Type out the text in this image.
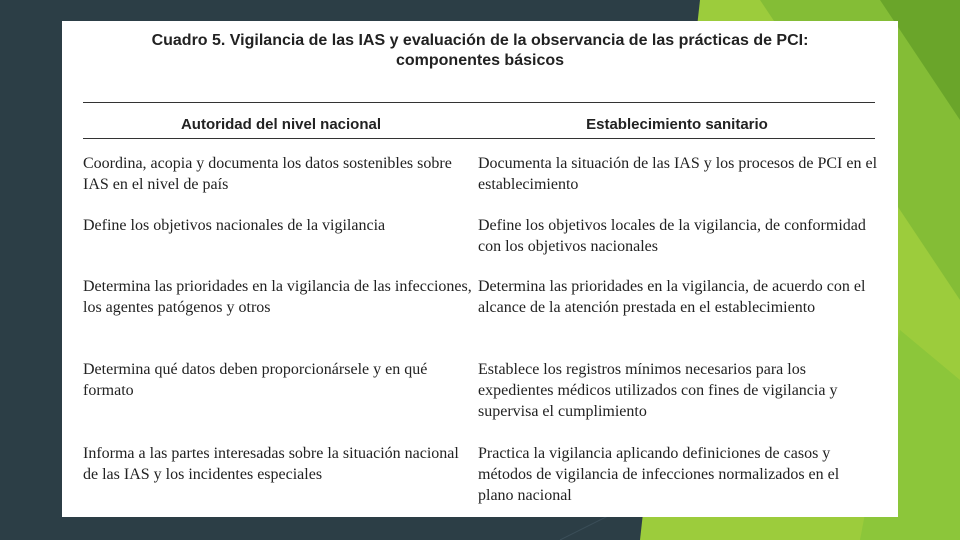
Cuadro 5. Vigilancia de las IAS y evaluación de la observancia de las prácticas de PCI:
componentes básicos
Autoridad del nivel nacional	Establecimiento sanitario
Coordina, acopia y documenta los datos sostenibles sobre IAS en el nivel de país
Documenta la situación de las IAS y los procesos de PCI en el establecimiento
Define los objetivos nacionales de la vigilancia	Define los objetivos locales de la vigilancia, de conformidad con los objetivos nacionales
Determina las prioridades en la vigilancia de las infecciones, los agentes patógenos y otros
Determina las prioridades en la vigilancia, de acuerdo con el alcance de la atención prestada en el establecimiento
Determina qué datos deben proporcionársele y en qué formato
Establece los registros mínimos necesarios para los expedientes médicos utilizados con fines de vigilancia y supervisa el cumplimiento
Informa a las partes interesadas sobre la situación nacional de las IAS y los incidentes especiales
Practica la vigilancia aplicando definiciones de casos y métodos de vigilancia de infecciones normalizados en el plano nacional
